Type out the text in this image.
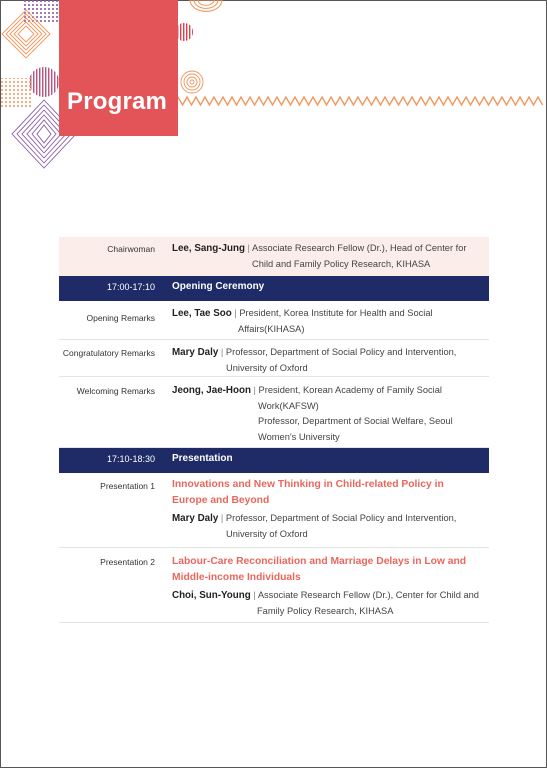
Program
Chairwoman Lee, Sang-Jung | Associate Research Fellow (Dr.), Head of Center for
Child and Family Policy Research, KIHASA
17:00-17:10 Opening Ceremony
Opening Remarks Lee, Tae Soo | President, Korea Institute for Health and Social
Affairs(KIHASA)
Congratulatory Remarks Mary Daly | Professor, Department of Social Policy and Intervention,
University of Oxford
Welcoming Remarks Jeong, Jae-Hoon | President, Korean Academy of Family Social
Work(KAFSW)
Professor, Department of Social Welfare, Seoul
Women's University
17:10-18:30 Presentation
Presentation 1 Innovations and New Thinking in Child-related Policy in
Europe and Beyond
Mary Daly | Professor, Department of Social Policy and Intervention,
University of Oxford
Presentation 2 Labour-Care Reconciliation and Marriage Delays in Low and
Middle-income Individuals
Choi, Sun-Young | Associate Research Fellow (Dr.), Center for Child and
Family Policy Research, KIHASA
